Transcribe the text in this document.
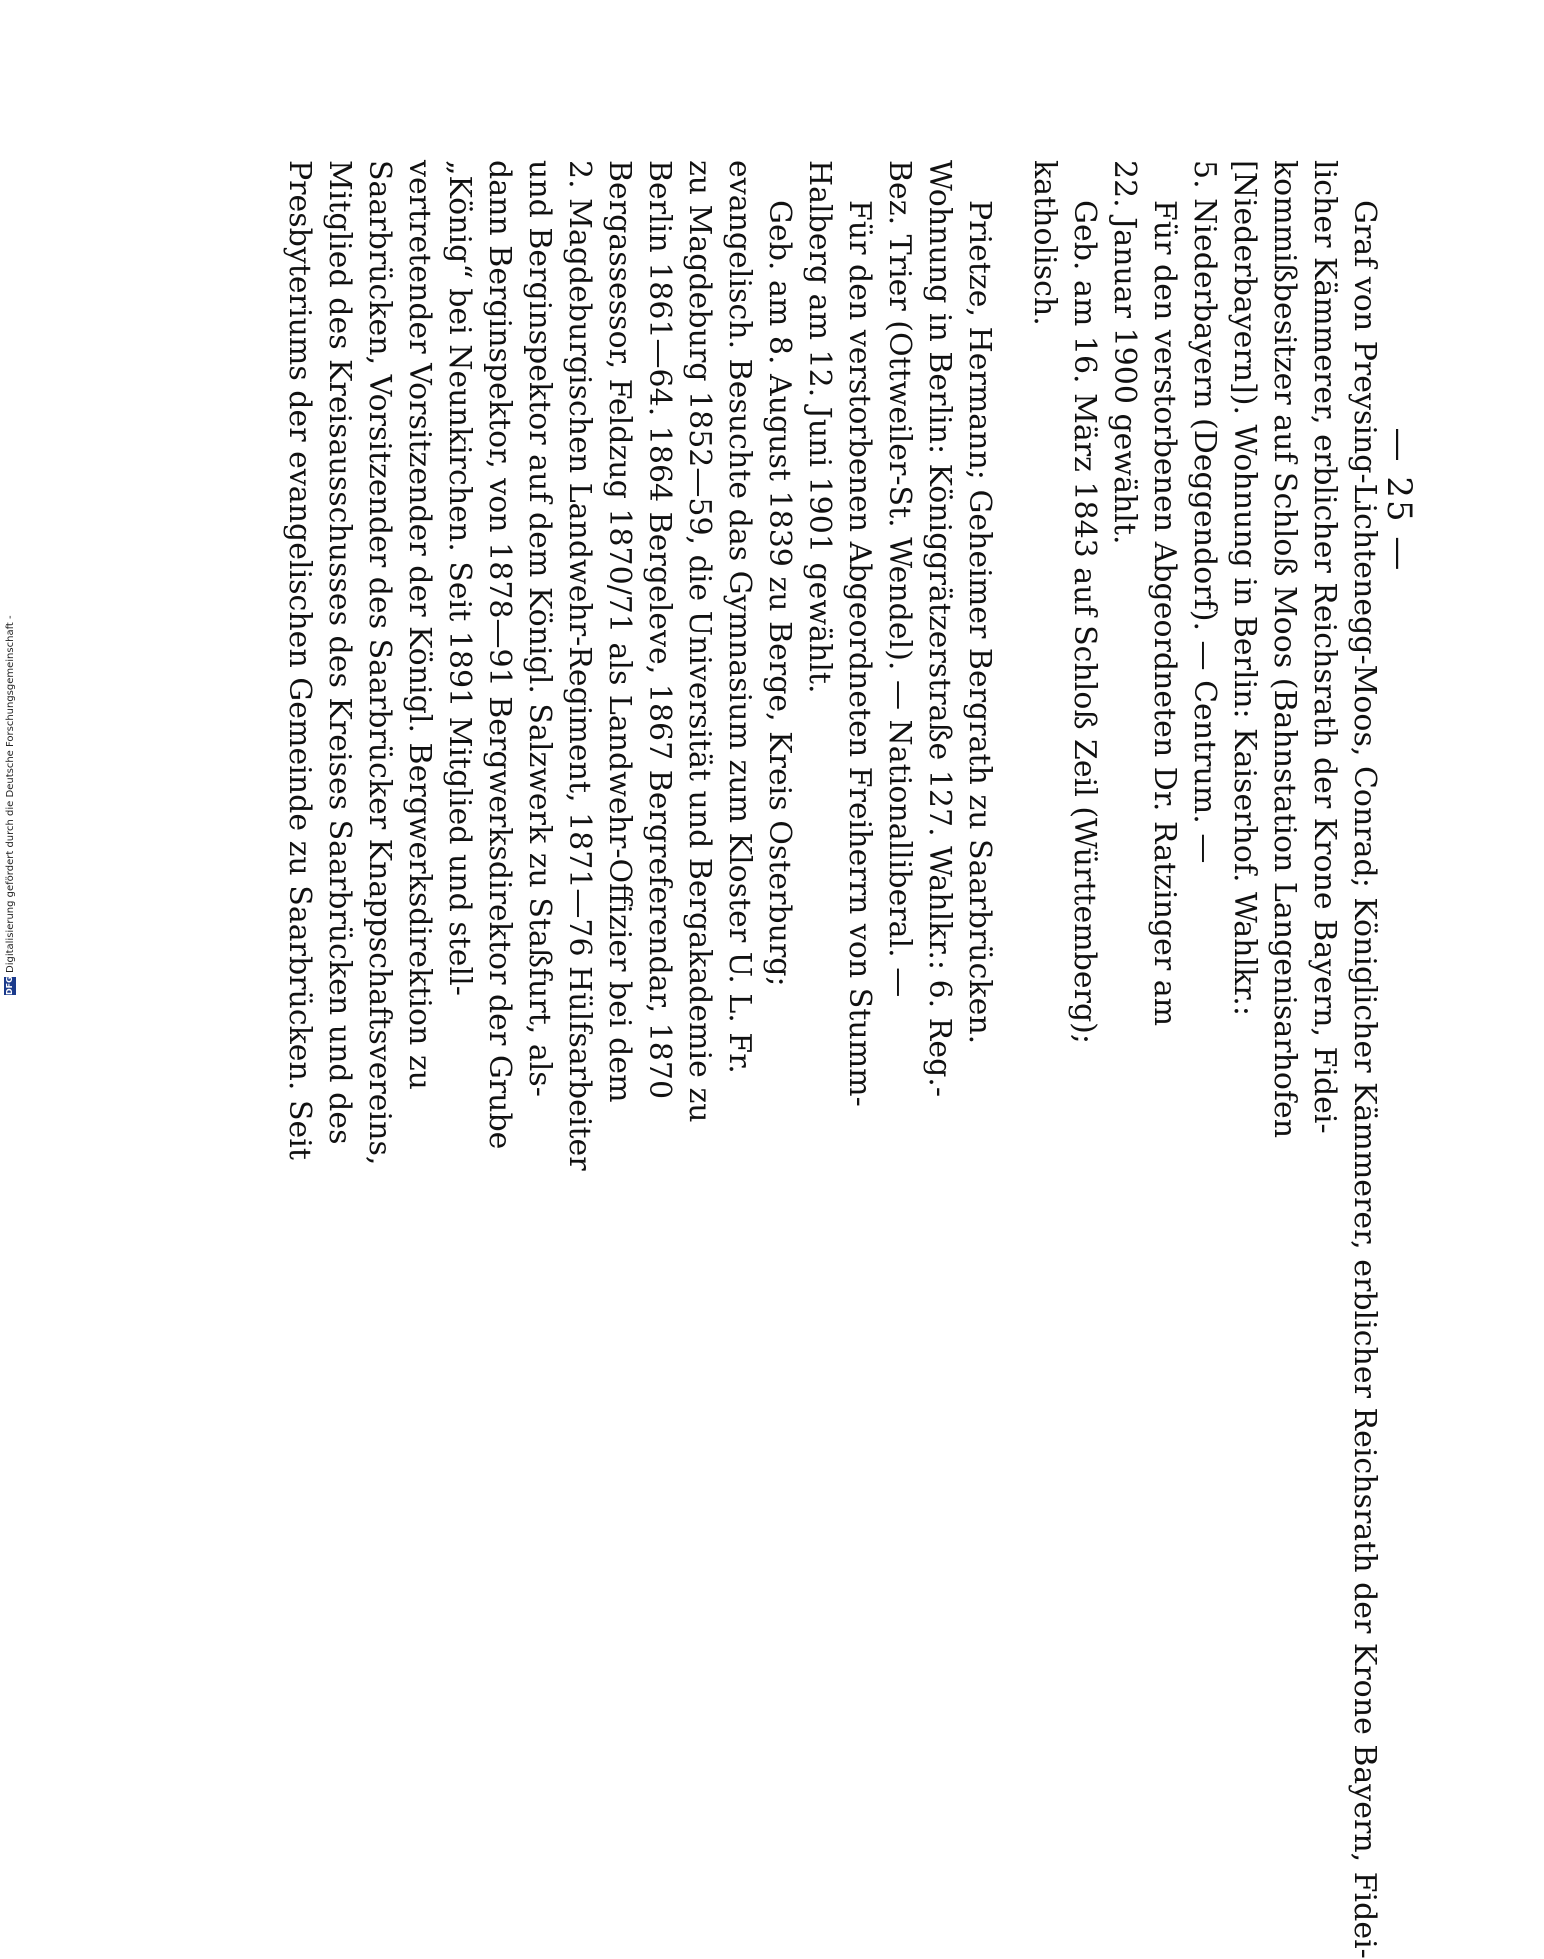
— 25 —
Graf von Preysing-Lichtenegg-Moos, Conrad; Königlicher Kämmerer, erblicher Reichsrath der Krone Bayern, Fidei-
licher Kämmerer, erblicher Reichsrath der Krone Bayern, Fidei-
kommißbesitzer auf Schloß Moos (Bahnstation Langenisarhofen
[Niederbayern]). Wohnung in Berlin: Kaiserhof. Wahlkr.:
5. Niederbayern (Deggendorf). — Centrum. —
Für den verstorbenen Abgeordneten Dr. Ratzinger am
22. Januar 1900 gewählt.
Geb. am 16. März 1843 auf Schloß Zeil (Württemberg);
katholisch.
Prietze, Hermann; Geheimer Bergrath zu Saarbrücken.
Wohnung in Berlin: Königgrätzerstraße 127. Wahlkr.: 6. Reg.-
Bez. Trier (Ottweiler-St. Wendel). — Nationalliberal. —
Für den verstorbenen Abgeordneten Freiherrn von Stumm-
Halberg am 12. Juni 1901 gewählt.
Geb. am 8. August 1839 zu Berge, Kreis Osterburg;
evangelisch. Besuchte das Gymnasium zum Kloster U. L. Fr.
zu Magdeburg 1852—59, die Universität und Bergakademie zu
Berlin 1861—64. 1864 Bergeleve, 1867 Bergreferendar, 1870
Bergassessor, Feldzug 1870/71 als Landwehr-Offizier bei dem
2. Magdeburgischen Landwehr-Regiment, 1871—76 Hülfsarbeiter
und Berginspektor auf dem Königl. Salzwerk zu Staßfurt, als-
dann Berginspektor, von 1878—91 Bergwerksdirektor der Grube
„König“ bei Neunkirchen. Seit 1891 Mitglied und stell-
vertretender Vorsitzender der Königl. Bergwerksdirektion zu
Saarbrücken, Vorsitzender des Saarbrücker Knappschaftsvereins,
Mitglied des Kreisausschusses des Kreises Saarbrücken und des
Presbyteriums der evangelischen Gemeinde zu Saarbrücken. Seit
DFG
Digitalisierung gefördert durch die Deutsche Forschungsgemeinschaft -
